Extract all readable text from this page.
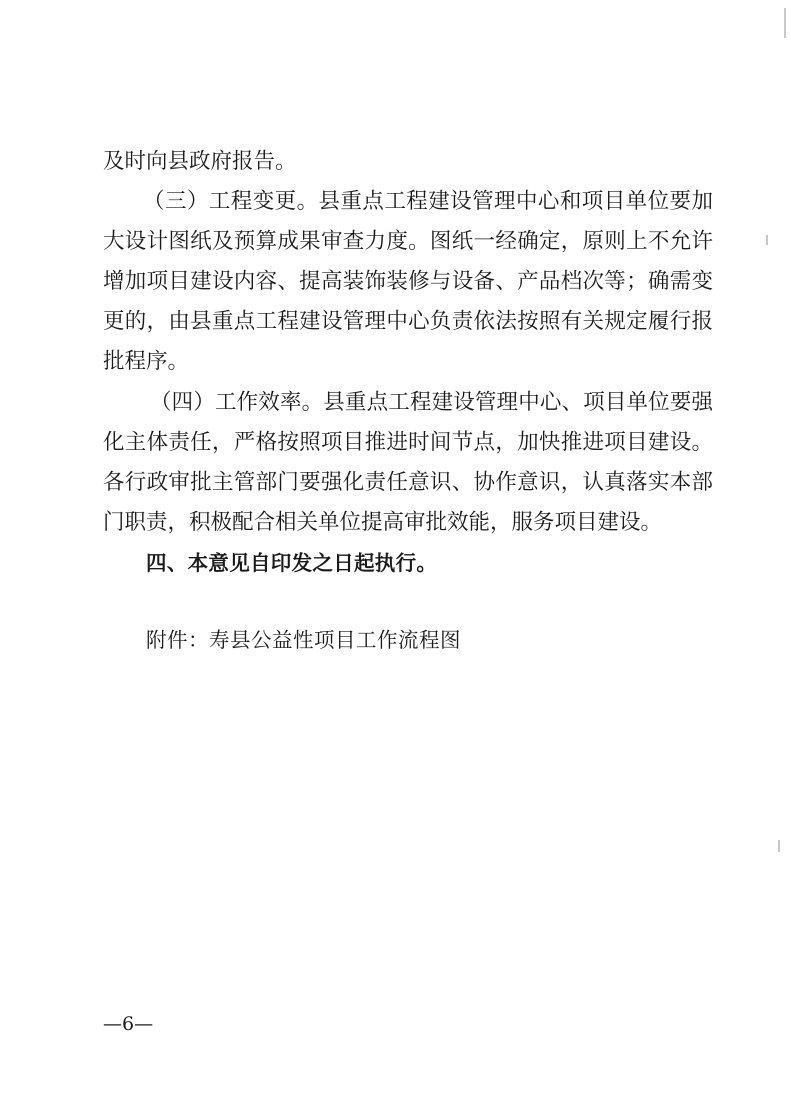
及时向县政府报告。
（三）工程变更。县重点工程建设管理中心和项目单位要加
大设计图纸及预算成果审查力度。图纸一经确定，原则上不允许
增加项目建设内容、提高装饰装修与设备、产品档次等；确需变
更的，由县重点工程建设管理中心负责依法按照有关规定履行报
批程序。
（四）工作效率。县重点工程建设管理中心、项目单位要强
化主体责任，严格按照项目推进时间节点，加快推进项目建设。
各行政审批主管部门要强化责任意识、协作意识，认真落实本部
门职责，积极配合相关单位提高审批效能，服务项目建设。
四、本意见自印发之日起执行。
附件：寿县公益性项目工作流程图
—6—
